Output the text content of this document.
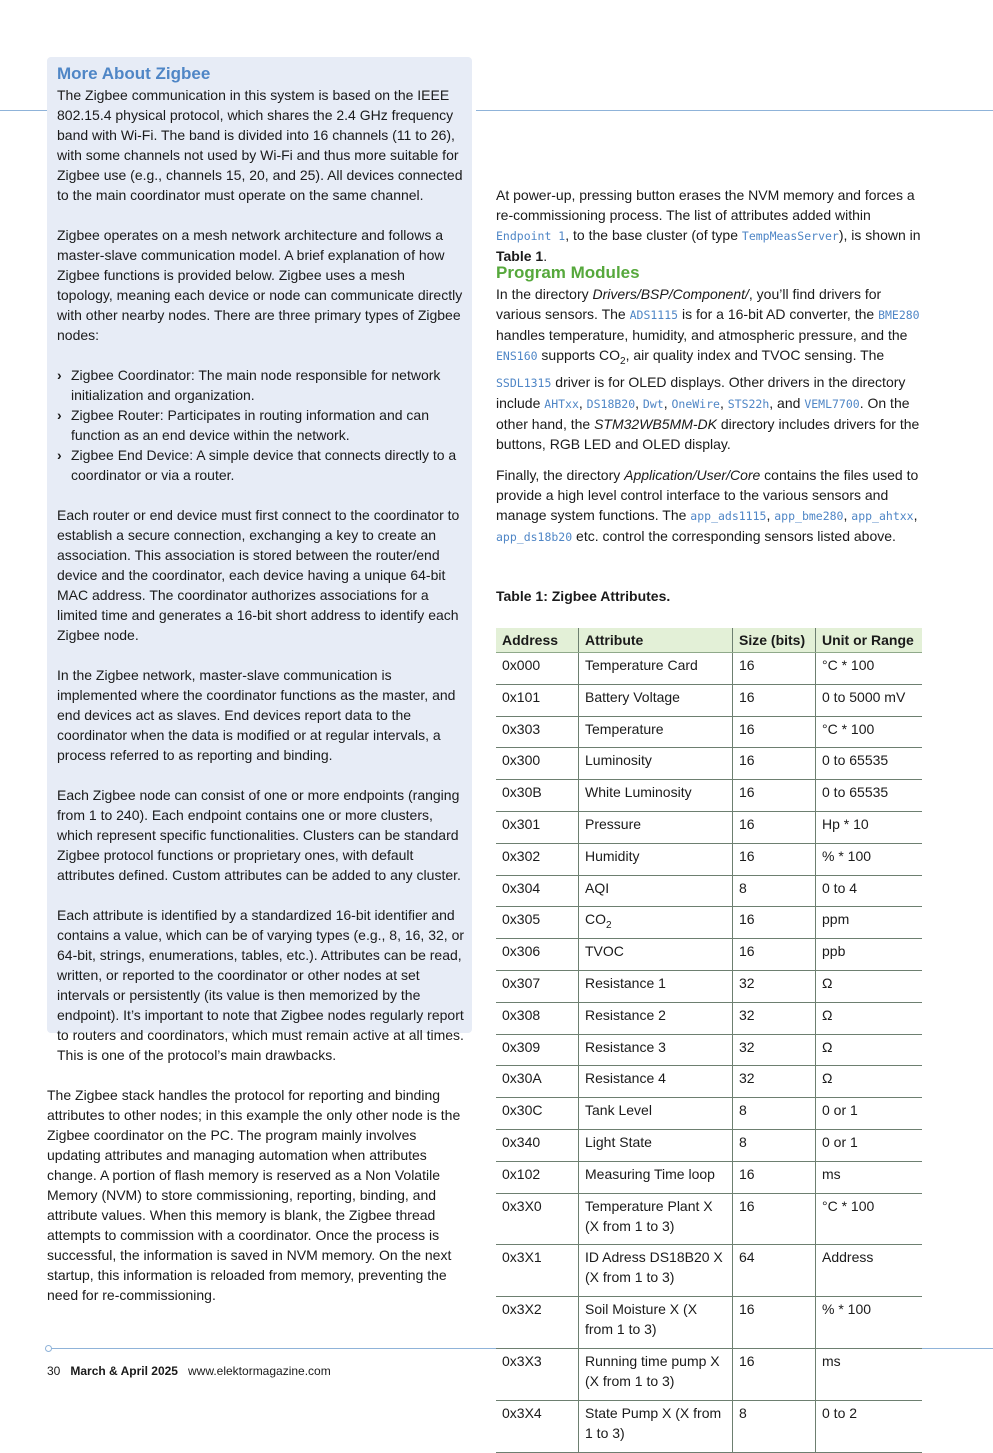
More About Zigbee

The Zigbee communication in this system is based on the IEEE 802.15.4 physical protocol, which shares the 2.4 GHz frequency band with Wi-Fi. The band is divided into 16 channels (11 to 26), with some channels not used by Wi-Fi and thus more suitable for Zigbee use (e.g., channels 15, 20, and 25). All devices connected to the main coordinator must operate on the same channel.

Zigbee operates on a mesh network architecture and follows a master-slave communication model. A brief explanation of how Zigbee functions is provided below. Zigbee uses a mesh topology, meaning each device or node can communicate directly with other nearby nodes. There are three primary types of Zigbee nodes:

› Zigbee Coordinator: The main node responsible for network initialization and organization.
› Zigbee Router: Participates in routing information and can function as an end device within the network.
› Zigbee End Device: A simple device that connects directly to a coordinator or via a router.

Each router or end device must first connect to the coordinator to establish a secure connection, exchanging a key to create an association. This association is stored between the router/end device and the coordinator, each device having a unique 64-bit MAC address. The coordinator authorizes associations for a limited time and generates a 16-bit short address to identify each Zigbee node.

In the Zigbee network, master-slave communication is implemented where the coordinator functions as the master, and end devices act as slaves. End devices report data to the coordinator when the data is modified or at regular intervals, a process referred to as reporting and binding.

Each Zigbee node can consist of one or more endpoints (ranging from 1 to 240). Each endpoint contains one or more clusters, which represent specific functionalities. Clusters can be standard Zigbee protocol functions or proprietary ones, with default attributes defined. Custom attributes can be added to any cluster.

Each attribute is identified by a standardized 16-bit identifier and contains a value, which can be of varying types (e.g., 8, 16, 32, or 64-bit, strings, enumerations, tables, etc.). Attributes can be read, written, or reported to the coordinator or other nodes at set intervals or persistently (its value is then memorized by the endpoint). It’s important to note that Zigbee nodes regularly report to routers and coordinators, which must remain active at all times. This is one of the protocol’s main drawbacks.

The Zigbee stack handles the protocol for reporting and binding attributes to other nodes; in this example the only other node is the Zigbee coordinator on the PC. The program mainly involves updating attributes and managing automation when attributes change. A portion of flash memory is reserved as a Non Volatile Memory (NVM) to store commissioning, reporting, binding, and attribute values. When this memory is blank, the Zigbee thread attempts to commission with a coordinator. Once the process is successful, the information is saved in NVM memory. On the next startup, this information is reloaded from memory, preventing the need for re-commissioning.

At power-up, pressing button erases the NVM memory and forces a re-commissioning process. The list of attributes added within Endpoint 1, to the base cluster (of type TempMeasServer), is shown in Table 1.

Program Modules

In the directory Drivers/BSP/Component/, you’ll find drivers for various sensors. The ADS1115 is for a 16-bit AD converter, the BME280 handles temperature, humidity, and atmospheric pressure, and the ENS160 supports $CO_2$, air quality index and TVOC sensing. The SSDL1315 driver is for OLED displays. Other drivers in the directory include AHTxx, DS18B20, Dwt, OneWire, STS22h, and VEML7700. On the other hand, the STM32WB5MM-DK directory includes drivers for the buttons, RGB LED and OLED display.

Finally, the directory Application/User/Core contains the files used to provide a high level control interface to the various sensors and manage system functions. The app_ads1115, app_bme280, app_ahtxx, app_ds18b20 etc. control the corresponding sensors listed above.

Table 1: Zigbee Attributes.

Address	Attribute	Size (bits)	Unit or Range
0x000	Temperature Card	16	°C * 100
0x101	Battery Voltage	16	0 to 5000 mV
0x303	Temperature	16	°C * 100
0x300	Luminosity	16	0 to 65535
0x30B	White Luminosity	16	0 to 65535
0x301	Pressure	16	Hp * 10
0x302	Humidity	16	% * 100
0x304	AQI	8	0 to 4
0x305	$CO_2$	16	ppm
0x306	TVOC	16	ppb
0x307	Resistance 1	32	Ω
0x308	Resistance 2	32	Ω
0x309	Resistance 3	32	Ω
0x30A	Resistance 4	32	Ω
0x30C	Tank Level	8	0 or 1
0x340	Light State	8	0 or 1
0x102	Measuring Time loop	16	ms
0x3X0	Temperature Plant X (X from 1 to 3)	16	°C * 100
0x3X1	ID Adress DS18B20 X (X from 1 to 3)	64	Address
0x3X2	Soil Moisture X (X from 1 to 3)	16	% * 100
0x3X3	Running time pump X (X from 1 to 3)	16	ms
0x3X4	State Pump X (X from 1 to 3)	8	0 to 2
30 March & April 2025 www.elektormagazine.com
